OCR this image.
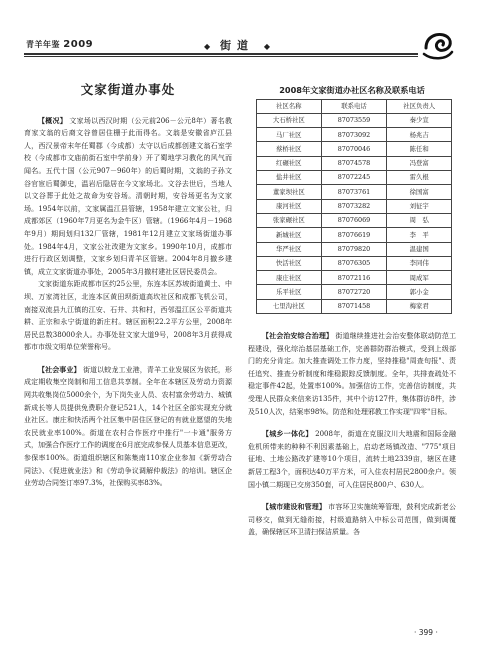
青羊年鉴 2009	◆ 街道 ◆
文家街道办事处

【概况】 文家场以西汉时期（公元前206－公元8年）著名教育家文翁的后裔文谷曾居住栅于此而得名。文翁是安徽省庐江县人，西汉景帝末年任蜀郡（今成都）太守以后成都创建文翁石室学校（今成都市文庙前街石室中学前身）开了蜀地学习教化的风气而闻名。五代十国（公元907－960年）的后蜀时期，文翁的子孙文谷官宦后蜀御史，温岩后隐居在今文家场北。文谷去世后，当地人以文谷葬于此处之故命为安谷场。清朝时期，安谷场更名为文家场。1954年以前，文家属温江县管辖，1958年建立文家公社，归成都郊区（1960年7月更名为金牛区）管辖。（1966年4月－1968年9月）期间划归132厂管辖，1981年12月建立文家场街道办事处。1984年4月，文家公社改建为文家乡。1990年10月，成都市进行行政区划调整，文家乡划归青羊区管辖。2004年8月撤乡建镇，成立文家街道办事处，2005年3月撤村建社区居民委员会。

文家街道东距成都市区约25公里，东连本区苏坡街道黄土、中坝、万家湾社区，北连本区黄田坝街道高坎社区和成都飞机公司，南接双流县九江镇的江安、石井、共和村，西邻温江区公平街道共耕、正宗和永宁街道的新庄村。辖区面积22.2平方公里，2008年居民总数38000余人。办事处驻文家大道9号，2008年3月获得成都市市级文明单位荣誉称号。

【社会事业】 街道以蛟龙工业港，青羊工业发展区为依托，形成定期收集空岗制和用工信息共享制。全年在本辖区及劳动力资源网共收集岗位5000余个，为下岗失业人员、农村富余劳动力、城镇新成长等人员提供免费职介登记521人，14个社区全部实现充分就业社区。康庄和快活两个社区集中居住区登记的有就业愿望的失地农民就业率100%。街道在农村合作医疗中推行"一卡通"服务方式，加强合作医疗工作的调度在6月底完成参保人员基本信息更改，参保率100%。街道组织辖区和陈集南110家企业参加《新劳动合同法》、《促进就业法》和《劳动争议调解仲裁法》的培训。辖区企业劳动合同签订率97.3%，社保购买率83%。

2008年文家街道办社区名称及联系电话
社区名称	联系电话	社区负责人
大石桥社区	87073559	秦少宣
马厂社区	87073092	杨兆吉
蔡桥社区	87070046	陈任和
红碾社区	87074578	冯登富
盐井社区	87072245	雷久根
董家坝社区	87073761	徐国富
康河社区	87073282	刘征宇
张家碾社区	87076069	周　弘
新城社区	87076619	李　平
华严社区	87079820	温建国
快活社区	87076305	李同伟
康庄社区	87072116	周成军
乐平社区	87072720	郭小金
七里沟社区	87071458	梅家君

【社会治安综合治理】 街道继续推进社会治安整体联动防范工程建设，强化综治基层基础工作，完善群防群治模式，受到上级部门的充分肯定。加大推查调处工作力度，坚持推稳"周查旬报"、责任追究、推查分析制度和维稳跟踪反馈制度。全年，共排查疏处不稳定事件42起，处置率100%。加强信访工作，完善信访制度，共受理人民群众来信来访135件，其中个访127件，集体群访8件，涉及510人次，结案率98%。防范和处理邪教工作实现"四零"目标。

【城乡一体化】 2008年，街道在克服汶川大地震和国际金融危机所带来的种种不利因素基础上，启动老场镇改造、"775"项目征地、土地公路改扩建等10个项目，流转土地2339亩，辖区在建新居工程3个，面积达40万平方米，可入住农村居民2800余户。领国小镇二期现已交房350套，可入住居民800户、630人。

【城市建设和管理】 市容环卫实施统筹管理，鼓利完成新老公司移交，做到无缝衔接，村级道路纳入中标公司范围，做到调覆盖，确保辖区环卫清扫保洁质量。各

· 399 ·
